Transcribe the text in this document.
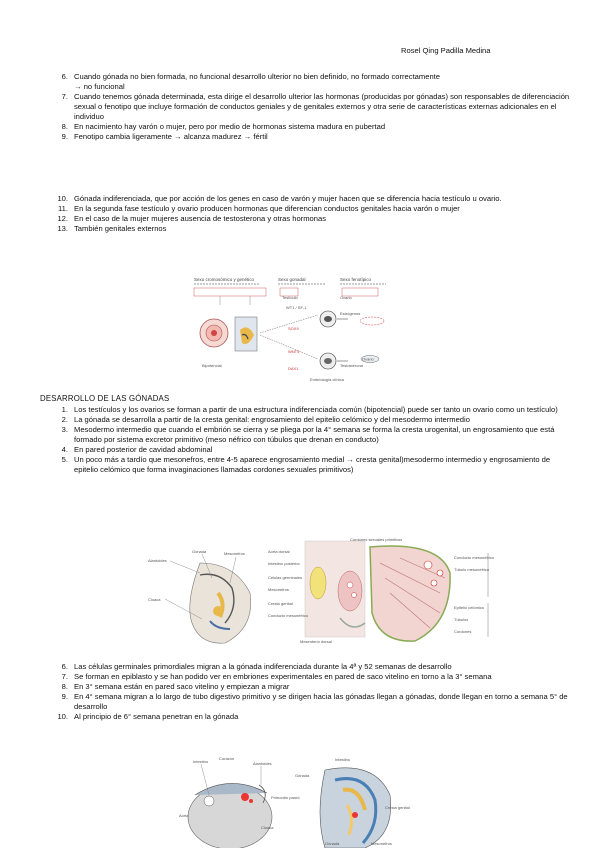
Rosel Qing Padilla Medina
6. Cuando gónada no bien formada, no funcional desarrollo ulterior no bien definido, no formado correctamente
→ no funcional
7. Cuando tenemos gónada determinada, esta dirige el desarrollo ulterior las hormonas (producidas por gónadas) son responsables de diferenciación sexual o fenotipo que incluye formación de conductos geniales y de genitales externos y otra serie de características externas adicionales en el individuo
8. En nacimiento hay varón o mujer, pero por medio de hormonas sistema madura en pubertad
9. Fenotipo cambia ligeramente → alcanza madurez → fértil
10. Gónada indiferenciada, que por acción de los genes en caso de varón y mujer hacen que se diferencia hacia testículo u ovario.
11. En la segunda fase testículo y ovario producen hormonas que diferencian conductos genitales hacia varón o mujer
12. En el caso de la mujer mujeres ausencia de testosterona y otras hormonas
13. También genitales externos
Sexo cromosómico y genético	Sexo gonadal	Sexo fenotípico
Bipotencial
Testículo	Ovario
WT1 / SF-1
SOX9
WNT4
DAX1
Estrógenos
Testosterona
Ovario
Embriología clínica
DESARROLLO DE LAS GÓNADAS
1. Los testículos y los ovarios se forman a partir de una estructura indiferenciada común (bipotencial) puede ser tanto un ovario como un testículo)
2. La gónada se desarrolla a partir de la cresta genital: engrosamiento del epitelio celómico y del mesodermo intermedio
3. Mesodermo intermedio que cuando el embrión se cierra y se pliega por la 4° semana se forma la cresta urogenital, un engrosamiento que está formado por sistema excretor primitivo (meso néfrico con túbulos que drenan en conducto)
4. En pared posterior de cavidad abdominal
5. Un poco más a tardío que mesonefros, entre 4-5 aparece engrosamiento medial → cresta genital)mesodermo intermedio y engrosamiento de epitelio celómico que forma invaginaciones llamadas cordones sexuales primitivos)
Alantoides
Gónada	Mesonefros
Cloaca
Aorta dorsal
Intestino posterior
Células germinales
Mesonefros
Cresta genital
Conducto mesonéfrico
Mesenterio dorsal
Cordones sexuales primitivos
Conducto mesonéfrico
Túbulo mesonéfrico
Epitelio celómico
Túbulos
Cordones
6. Las células germinales primordiales migran a la gónada indiferenciada durante la 4ª y 52 semanas de desarrollo
7. Se forman en epiblasto y se han podido ver en embriones experimentales en pared de saco vitelino en torno a la 3° semana
8. En 3° semana están en pared saco vitelino y empiezan a migrar
9. En 4° semana migran a lo largo de tubo digestivo primitivo y se dirigen hacia las gónadas llegan a gónadas, donde llegan en torno a semana 5° de desarrollo
10. Al principio de 6° semana penetran en la gónada
Intestino
Corazón
Alantoides
Aorta
Cloaca
Primordio pared
Intestino
Gónada
Gónada	Mesonefros
Cresta genital
